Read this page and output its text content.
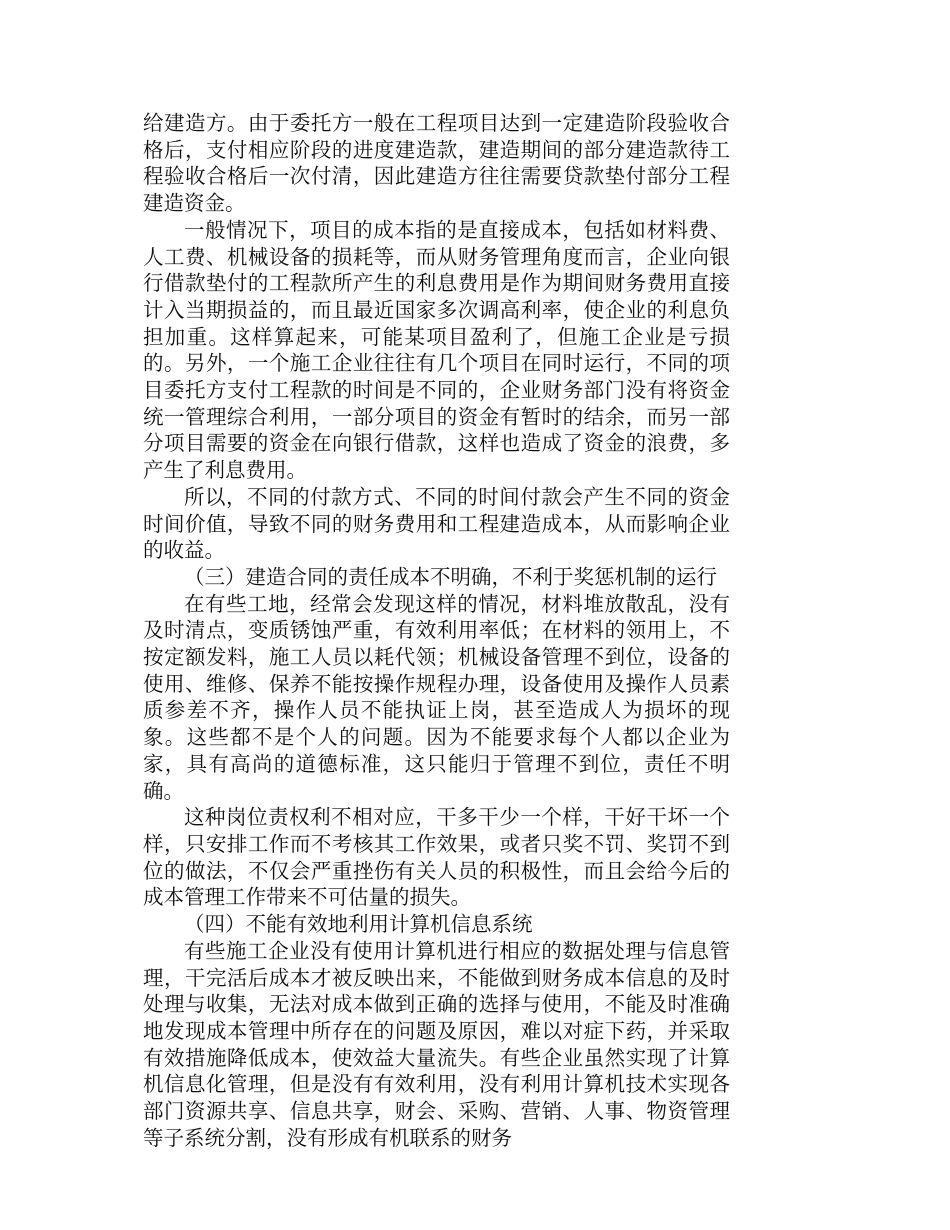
给建造方。由于委托方一般在工程项目达到一定建造阶段验收合格后，支付相应阶段的进度建造款，建造期间的部分建造款待工程验收合格后一次付清，因此建造方往往需要贷款垫付部分工程建造资金。

一般情况下，项目的成本指的是直接成本，包括如材料费、人工费、机械设备的损耗等，而从财务管理角度而言，企业向银行借款垫付的工程款所产生的利息费用是作为期间财务费用直接计入当期损益的，而且最近国家多次调高利率，使企业的利息负担加重。这样算起来，可能某项目盈利了，但施工企业是亏损的。另外，一个施工企业往往有几个项目在同时运行，不同的项目委托方支付工程款的时间是不同的，企业财务部门没有将资金统一管理综合利用，一部分项目的资金有暂时的结余，而另一部分项目需要的资金在向银行借款，这样也造成了资金的浪费，多产生了利息费用。

所以，不同的付款方式、不同的时间付款会产生不同的资金时间价值，导致不同的财务费用和工程建造成本，从而影响企业的收益。

（三）建造合同的责任成本不明确，不利于奖惩机制的运行

在有些工地，经常会发现这样的情况，材料堆放散乱，没有及时清点，变质锈蚀严重，有效利用率低；在材料的领用上，不按定额发料，施工人员以耗代领；机械设备管理不到位，设备的使用、维修、保养不能按操作规程办理，设备使用及操作人员素质参差不齐，操作人员不能执证上岗，甚至造成人为损坏的现象。这些都不是个人的问题。因为不能要求每个人都以企业为家，具有高尚的道德标准，这只能归于管理不到位，责任不明确。

这种岗位责权利不相对应，干多干少一个样，干好干坏一个样，只安排工作而不考核其工作效果，或者只奖不罚、奖罚不到位的做法，不仅会严重挫伤有关人员的积极性，而且会给今后的成本管理工作带来不可估量的损失。

（四）不能有效地利用计算机信息系统

有些施工企业没有使用计算机进行相应的数据处理与信息管理，干完活后成本才被反映出来，不能做到财务成本信息的及时处理与收集，无法对成本做到正确的选择与使用，不能及时准确地发现成本管理中所存在的问题及原因，难以对症下药，并采取有效措施降低成本，使效益大量流失。有些企业虽然实现了计算机信息化管理，但是没有有效利用，没有利用计算机技术实现各部门资源共享、信息共享，财会、采购、营销、人事、物资管理等子系统分割，没有形成有机联系的财务
